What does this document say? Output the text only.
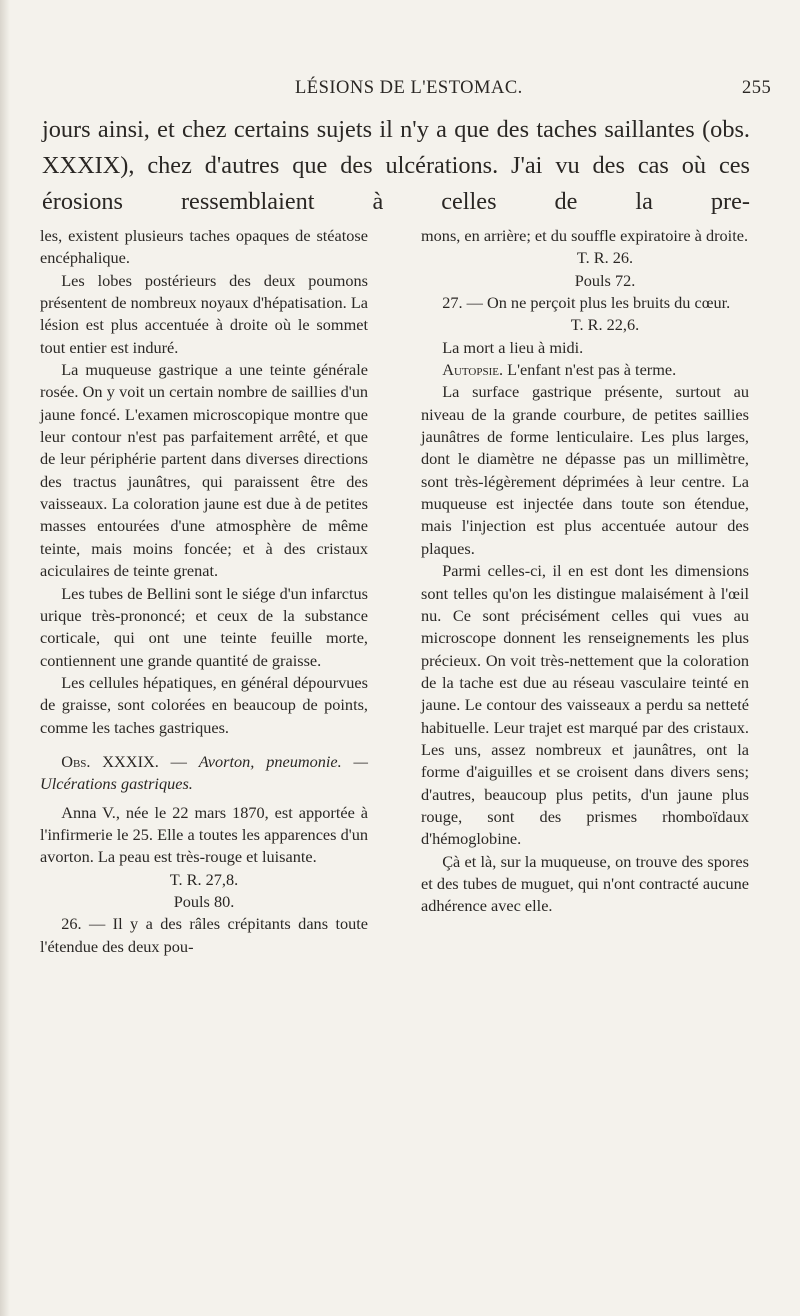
LÉSIONS DE L'ESTOMAC.	255

jours ainsi, et chez certains sujets il n'y a que des taches saillantes (obs. XXXIX), chez d'autres que des ulcérations. J'ai vu des cas où ces érosions ressemblaient à celles de la pre-

les, existent plusieurs taches opaques de stéatose encéphalique.

Les lobes postérieurs des deux poumons présentent de nombreux noyaux d'hépatisation. La lésion est plus accentuée à droite où le sommet tout entier est induré.

La muqueuse gastrique a une teinte générale rosée. On y voit un certain nombre de saillies d'un jaune foncé. L'examen microscopique montre que leur contour n'est pas parfaitement arrêté, et que de leur périphérie partent dans diverses directions des tractus jaunâtres, qui paraissent être des vaisseaux. La coloration jaune est due à de petites masses entourées d'une atmosphère de même teinte, mais moins foncée; et à des cristaux aciculaires de teinte grenat.

Les tubes de Bellini sont le siége d'un infarctus urique très-prononcé; et ceux de la substance corticale, qui ont une teinte feuille morte, contiennent une grande quantité de graisse.

Les cellules hépatiques, en général dépourvues de graisse, sont colorées en beaucoup de points, comme les taches gastriques.

Obs. XXXIX. — Avorton, pneumonie. — Ulcérations gastriques.

Anna V., née le 22 mars 1870, est apportée à l'infirmerie le 25. Elle a toutes les apparences d'un avorton. La peau est très-rouge et luisante.

T. R. 27,8.

Pouls 80.

26. — Il y a des râles crépitants dans toute l'étendue des deux pou-

mons, en arrière; et du souffle expiratoire à droite.

T. R. 26.

Pouls 72.

27. — On ne perçoit plus les bruits du cœur.

T. R. 22,6.

La mort a lieu à midi.

Autopsie. L'enfant n'est pas à terme.

La surface gastrique présente, surtout au niveau de la grande courbure, de petites saillies jaunâtres de forme lenticulaire. Les plus larges, dont le diamètre ne dépasse pas un millimètre, sont très-légèrement déprimées à leur centre. La muqueuse est injectée dans toute son étendue, mais l'injection est plus accentuée autour des plaques.

Parmi celles-ci, il en est dont les dimensions sont telles qu'on les distingue malaisément à l'œil nu. Ce sont précisément celles qui vues au microscope donnent les renseignements les plus précieux. On voit très-nettement que la coloration de la tache est due au réseau vasculaire teinté en jaune. Le contour des vaisseaux a perdu sa netteté habituelle. Leur trajet est marqué par des cristaux. Les uns, assez nombreux et jaunâtres, ont la forme d'aiguilles et se croisent dans divers sens; d'autres, beaucoup plus petits, d'un jaune plus rouge, sont des prismes rhomboïdaux d'hémoglobine.

Çà et là, sur la muqueuse, on trouve des spores et des tubes de muguet, qui n'ont contracté aucune adhérence avec elle.
